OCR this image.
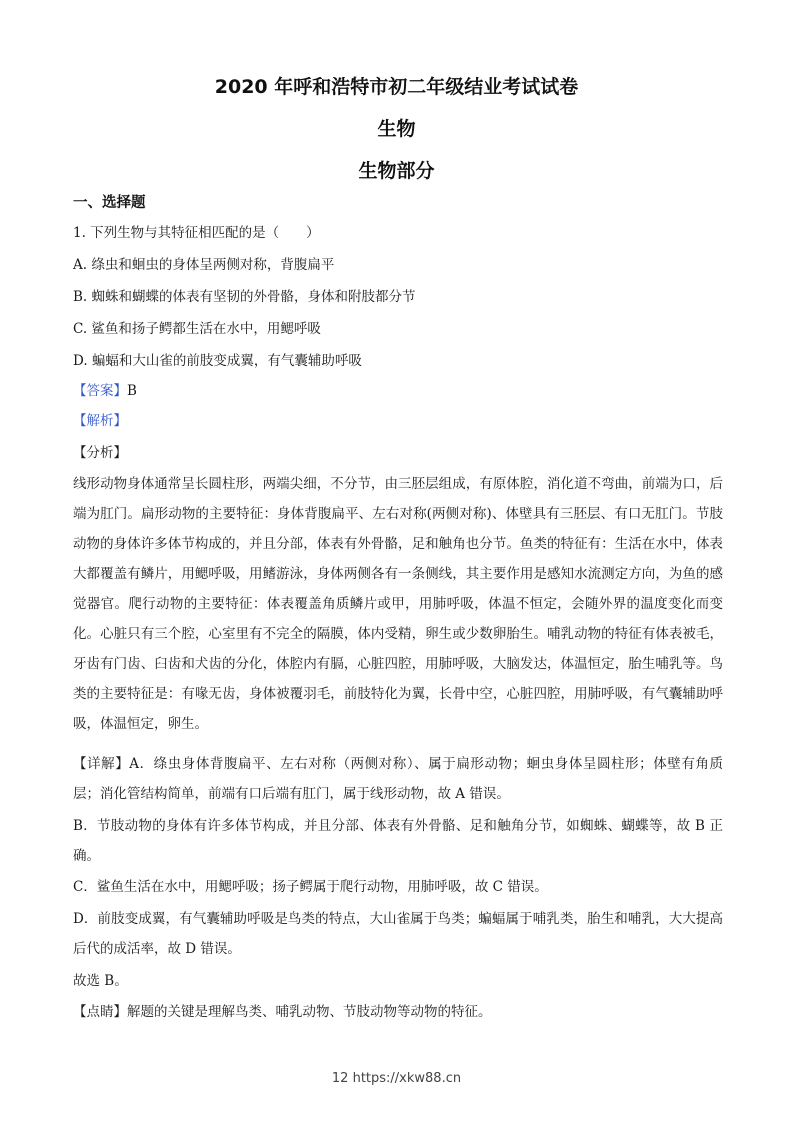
2020 年呼和浩特市初二年级结业考试试卷
生物
生物部分
一、选择题
1. 下列生物与其特征相匹配的是（　　）
A. 绦虫和蛔虫的身体呈两侧对称，背腹扁平
B. 蜘蛛和蝴蝶的体表有坚韧的外骨骼，身体和附肢都分节
C. 鲨鱼和扬子鳄都生活在水中，用鳃呼吸
D. 蝙蝠和大山雀的前肢变成翼，有气囊辅助呼吸
【答案】B
【解析】
【分析】
线形动物身体通常呈长圆柱形，两端尖细，不分节，由三胚层组成，有原体腔，消化道不弯曲，前端为口，后端为肛门。扁形动物的主要特征：身体背腹扁平、左右对称(两侧对称)、体壁具有三胚层、有口无肛门。节肢动物的身体许多体节构成的，并且分部，体表有外骨骼，足和触角也分节。鱼类的特征有：生活在水中，体表大都覆盖有鳞片，用鳃呼吸，用鳍游泳，身体两侧各有一条侧线，其主要作用是感知水流测定方向，为鱼的感觉器官。爬行动物的主要特征：体表覆盖角质鳞片或甲，用肺呼吸，体温不恒定，会随外界的温度变化而变化。心脏只有三个腔，心室里有不完全的隔膜，体内受精，卵生或少数卵胎生。哺乳动物的特征有体表被毛，牙齿有门齿、臼齿和犬齿的分化，体腔内有膈，心脏四腔，用肺呼吸，大脑发达，体温恒定，胎生哺乳等。鸟类的主要特征是：有喙无齿，身体被覆羽毛，前肢特化为翼，长骨中空，心脏四腔，用肺呼吸，有气囊辅助呼吸，体温恒定，卵生。
【详解】A．绦虫身体背腹扁平、左右对称（两侧对称）、属于扁形动物；蛔虫身体呈圆柱形；体壁有角质层；消化管结构简单，前端有口后端有肛门，属于线形动物，故 A 错误。
B．节肢动物的身体有许多体节构成，并且分部、体表有外骨骼、足和触角分节，如蜘蛛、蝴蝶等，故 B 正确。
C．鲨鱼生活在水中，用鳃呼吸；扬子鳄属于爬行动物，用肺呼吸，故 C 错误。
D．前肢变成翼，有气囊辅助呼吸是鸟类的特点，大山雀属于鸟类；蝙蝠属于哺乳类，胎生和哺乳，大大提高后代的成活率，故 D 错误。
故选 B。
【点睛】解题的关键是理解鸟类、哺乳动物、节肢动物等动物的特征。
12 https://xkw88.cn
